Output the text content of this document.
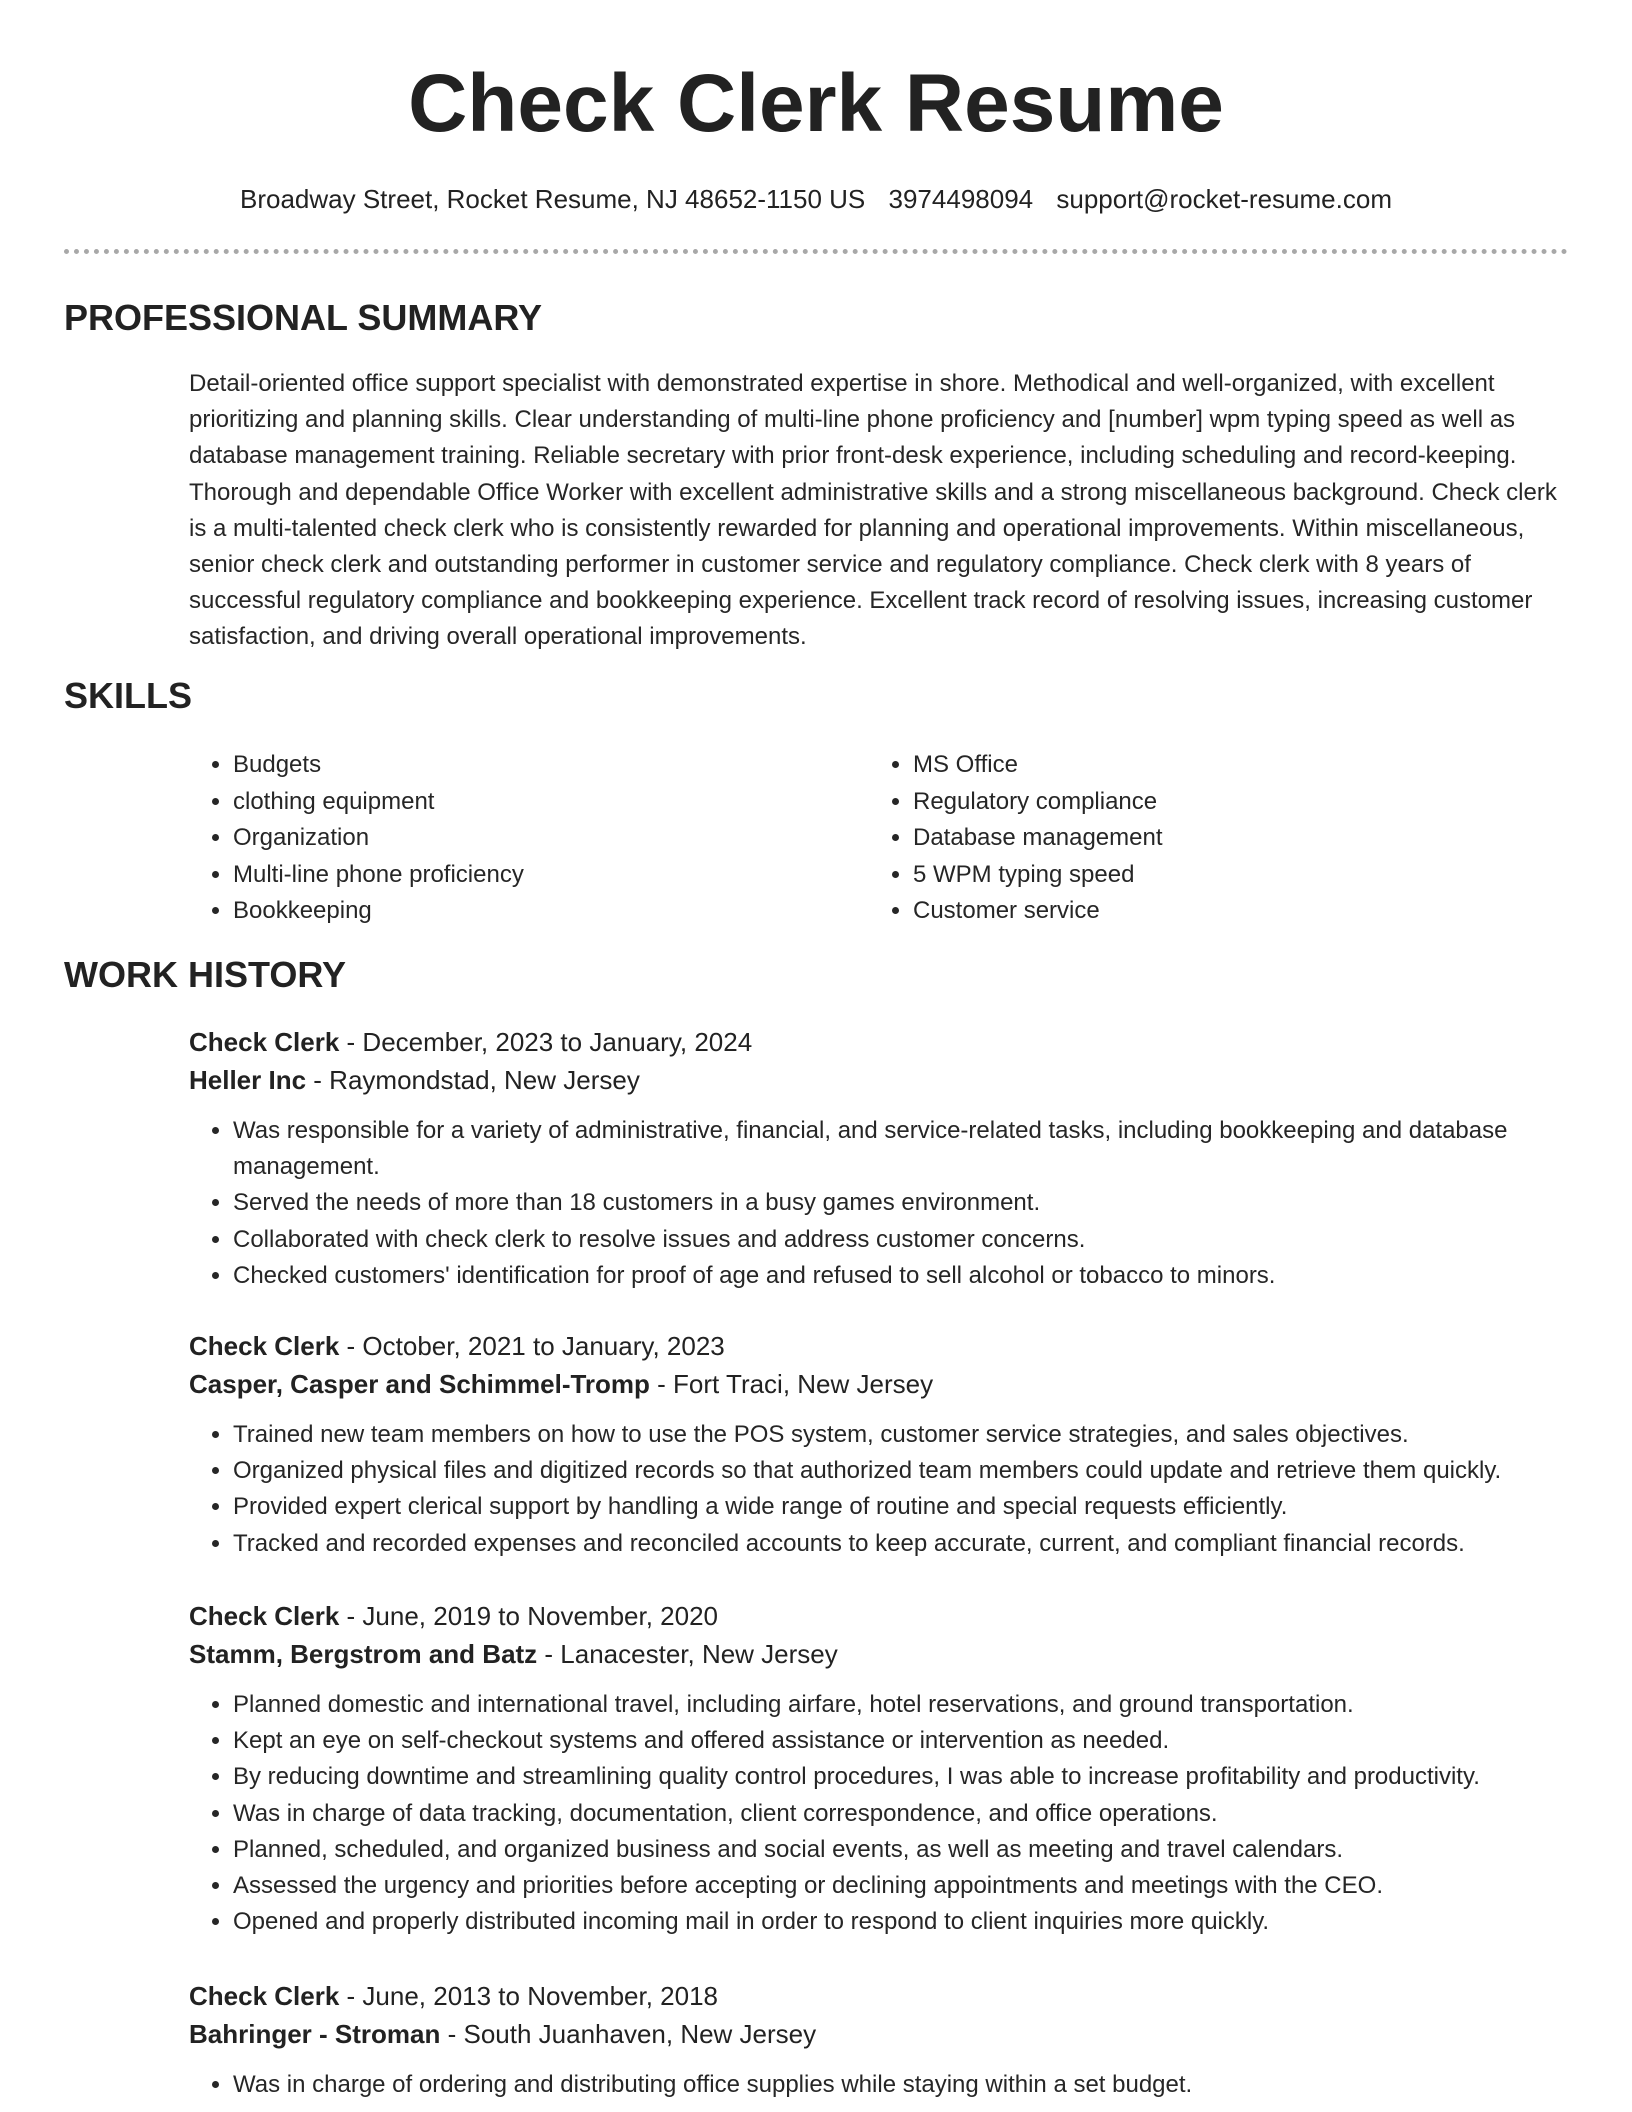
Check Clerk Resume
Broadway Street, Rocket Resume, NJ 48652-1150 US 3974498094 support@rocket-resume.com
PROFESSIONAL SUMMARY

Detail-oriented office support specialist with demonstrated expertise in shore. Methodical and well-organized, with excellent prioritizing and planning skills. Clear understanding of multi-line phone proficiency and [number] wpm typing speed as well as database management training. Reliable secretary with prior front-desk experience, including scheduling and record-keeping. Thorough and dependable Office Worker with excellent administrative skills and a strong miscellaneous background. Check clerk is a multi-talented check clerk who is consistently rewarded for planning and operational improvements. Within miscellaneous, senior check clerk and outstanding performer in customer service and regulatory compliance. Check clerk with 8 years of successful regulatory compliance and bookkeeping experience. Excellent track record of resolving issues, increasing customer satisfaction, and driving overall operational improvements.

SKILLS
• Budgets
• clothing equipment
• Organization
• Multi-line phone proficiency
• Bookkeeping
• MS Office
• Regulatory compliance
• Database management
• 5 WPM typing speed
• Customer service
WORK HISTORY

Check Clerk - December, 2023 to January, 2024

Heller Inc - Raymondstad, New Jersey

• Was responsible for a variety of administrative, financial, and service-related tasks, including bookkeeping and database management.
• Served the needs of more than 18 customers in a busy games environment.
• Collaborated with check clerk to resolve issues and address customer concerns.
• Checked customers' identification for proof of age and refused to sell alcohol or tobacco to minors.

Check Clerk - October, 2021 to January, 2023

Casper, Casper and Schimmel-Tromp - Fort Traci, New Jersey

• Trained new team members on how to use the POS system, customer service strategies, and sales objectives.
• Organized physical files and digitized records so that authorized team members could update and retrieve them quickly.
• Provided expert clerical support by handling a wide range of routine and special requests efficiently.
• Tracked and recorded expenses and reconciled accounts to keep accurate, current, and compliant financial records.

Check Clerk - June, 2019 to November, 2020

Stamm, Bergstrom and Batz - Lanacester, New Jersey

• Planned domestic and international travel, including airfare, hotel reservations, and ground transportation.
• Kept an eye on self-checkout systems and offered assistance or intervention as needed.
• By reducing downtime and streamlining quality control procedures, I was able to increase profitability and productivity.
• Was in charge of data tracking, documentation, client correspondence, and office operations.
• Planned, scheduled, and organized business and social events, as well as meeting and travel calendars.
• Assessed the urgency and priorities before accepting or declining appointments and meetings with the CEO.
• Opened and properly distributed incoming mail in order to respond to client inquiries more quickly.

Check Clerk - June, 2013 to November, 2018

Bahringer - Stroman - South Juanhaven, New Jersey

• Was in charge of ordering and distributing office supplies while staying within a set budget.
